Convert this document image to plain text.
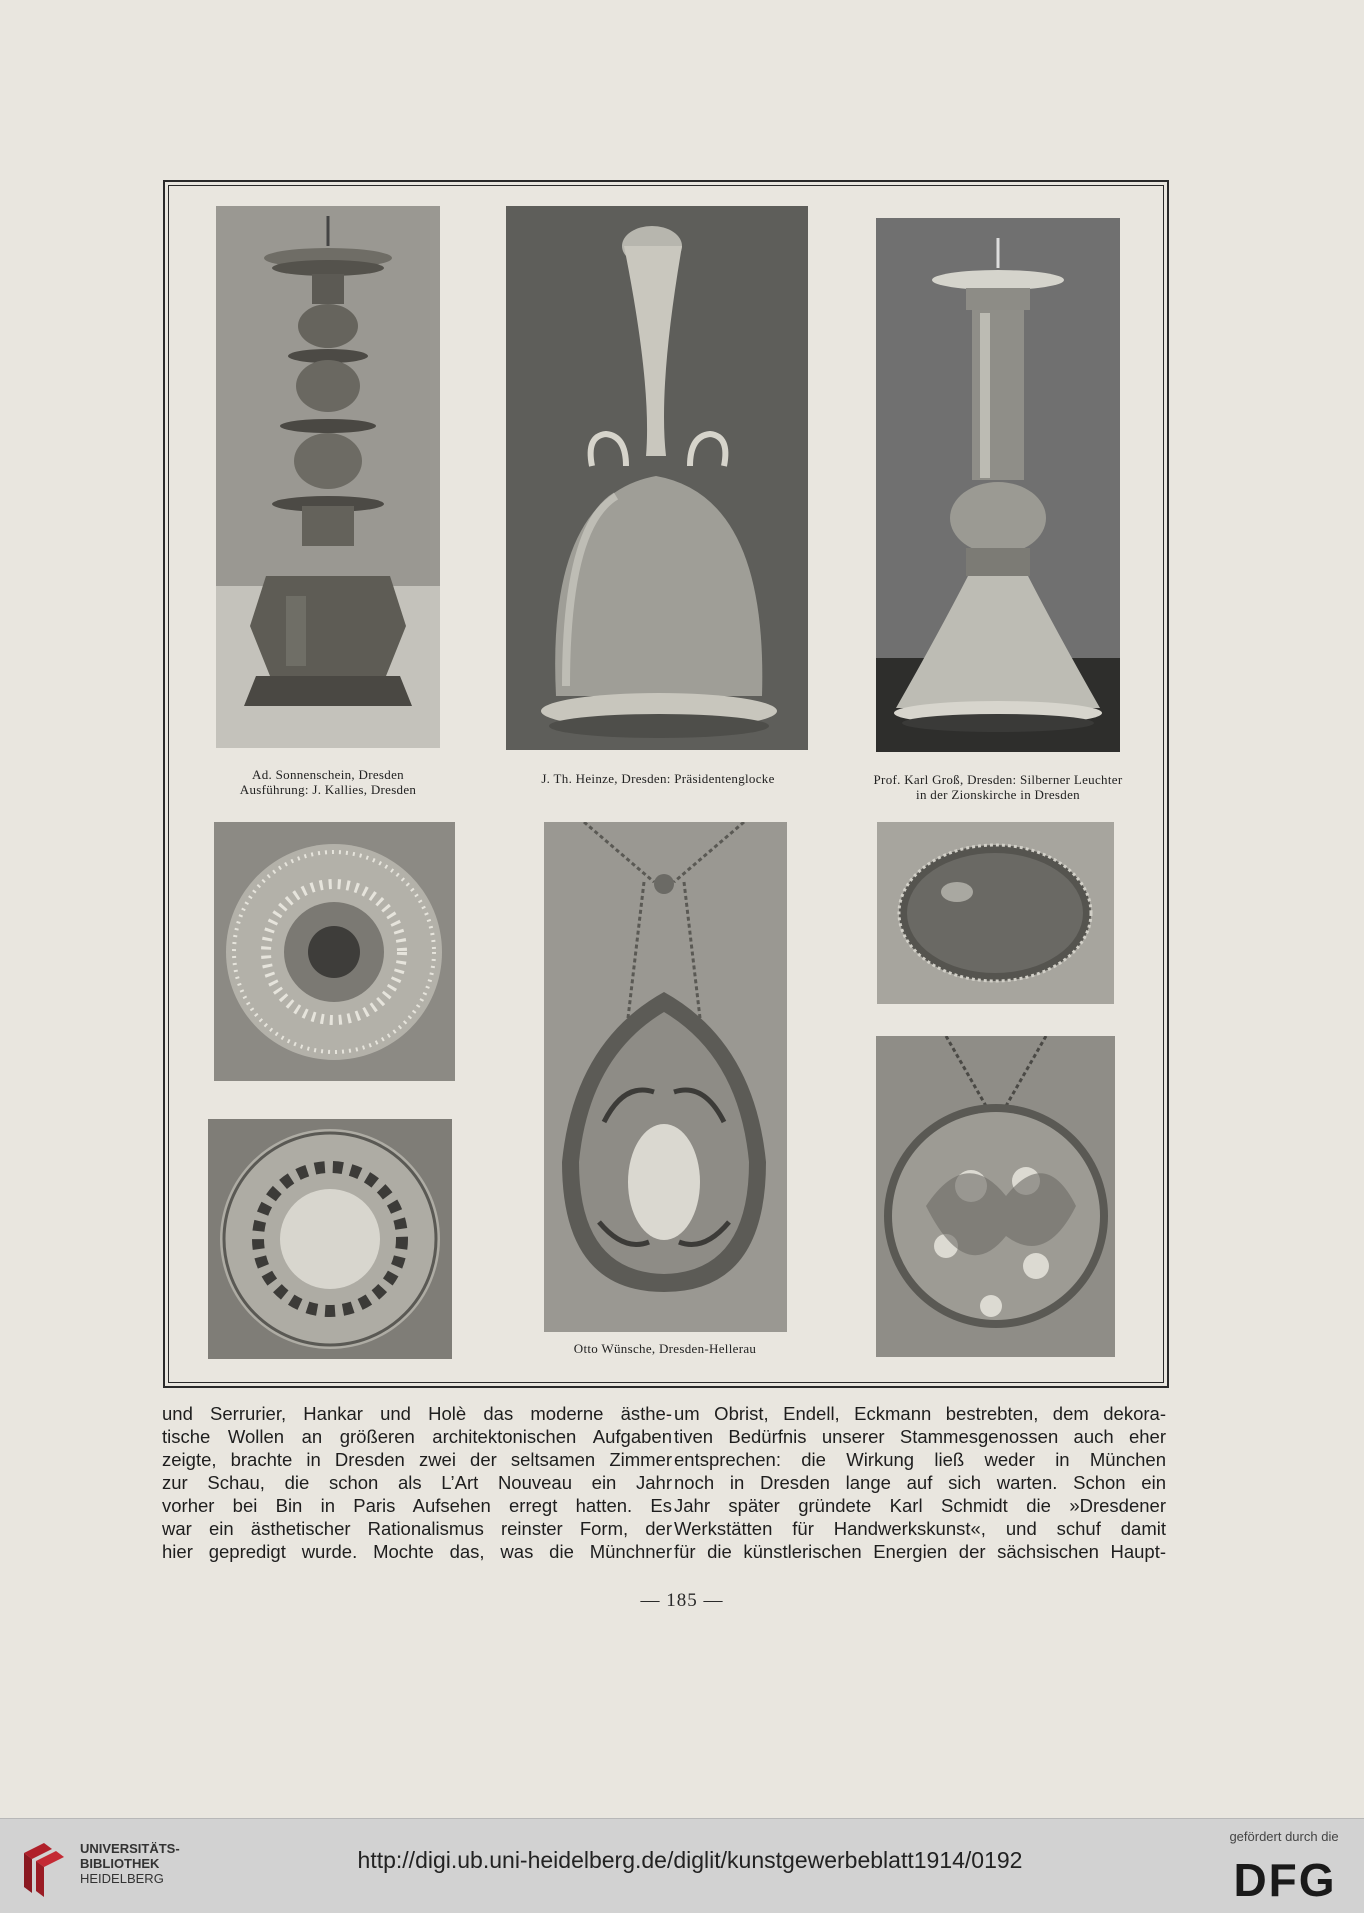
Ad. Sonnenschein, Dresden
Ausführung: J. Kallies, Dresden
J. Th. Heinze, Dresden: Präsidentenglocke	Prof. Karl Groß, Dresden: Silberner Leuchter
in der Zionskirche in Dresden
Otto Wünsche, Dresden-Hellerau
und Serrurier, Hankar und Holè das moderne ästhe-
tische Wollen an größeren architektonischen Aufgaben
zeigte, brachte in Dresden zwei der seltsamen Zimmer
zur Schau, die schon als L’Art Nouveau ein Jahr
vorher bei Bin in Paris Aufsehen erregt hatten. Es
war ein ästhetischer Rationalismus reinster Form, der
hier gepredigt wurde. Mochte das, was die Münchner
um Obrist, Endell, Eckmann bestrebten, dem dekora-
tiven Bedürfnis unserer Stammesgenossen auch eher
entsprechen: die Wirkung ließ weder in München
noch in Dresden lange auf sich warten. Schon ein
Jahr später gründete Karl Schmidt die »Dresdener
Werkstätten für Handwerkskunst«, und schuf damit
für die künstlerischen Energien der sächsischen Haupt-
— 185 —
UNIVERSITÄTS-
BIBLIOTHEK
HEIDELBERG
http://digi.ub.uni-heidelberg.de/diglit/kunstgewerbeblatt1914/0192
gefördert durch die
DFG
